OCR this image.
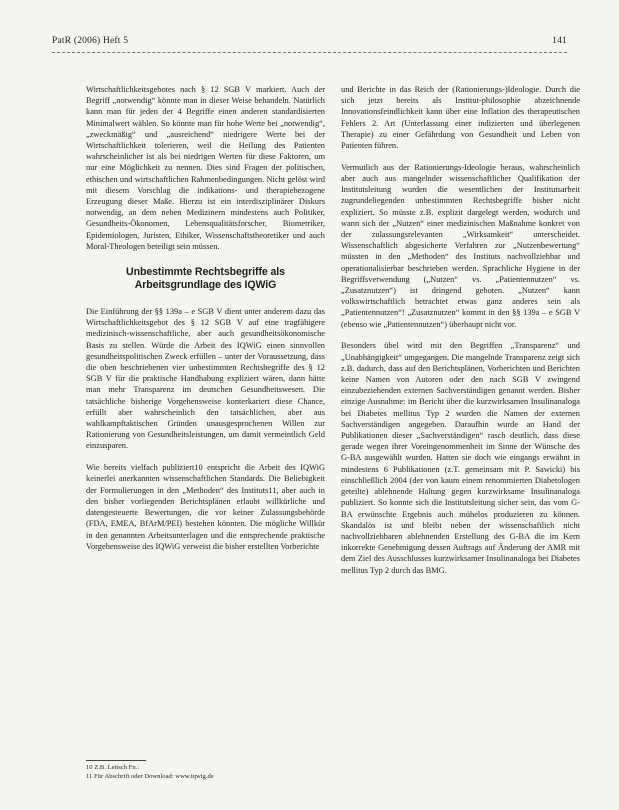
PatR (2006) Heft 5	141

Wirtschaftlichkeitsgebotes nach § 12 SGB V markiert. Auch der Begriff „notwendig“ könnte man in dieser Weise behandeln. Natürlich kann man für jeden der 4 Begriffe einen anderen standardisierten Minimalwert wählen. So könnte man für hohe Werte bei „notwendig“, „zweckmäßig“ und „ausreichend“ niedrigere Werte bei der Wirtschaftlichkeit tolerieren, weil die Heilung des Patienten wahrscheinlicher ist als bei niedrigen Werten für diese Faktoren, um nur eine Möglichkeit zu nennen. Dies sind Fragen der politischen, ethischen und wirtschaftlichen Rahmenbedingungen. Nicht gelöst wird mit diesem Vorschlag die indikations- und therapiebezogene Erzeugung dieser Maße. Hierzu ist ein interdisziplinärer Diskurs notwendig, an dem neben Medizinern mindestens auch Politiker, Gesundheits-Ökonomen, Lebensqualitätsforscher, Biometriker, Epidemiologen, Juristen, Ethiker, Wissenschaftstheoretiker und auch Moral-Theologen beteiligt sein müssen.

Unbestimmte Rechtsbegriffe als Arbeitsgrundlage des IQWiG

Die Einführung der §§ 139a – e SGB V dient unter anderem dazu das Wirtschaftlichkeitsgebot des § 12 SGB V auf eine tragfähigere medizinisch-wissenschaftliche, aber auch gesundheitsökonomische Basis zu stellen. Würde die Arbeit des IQWiG einen sinnvollen gesundheitspolitischen Zweck erfüllen – unter der Voraussetzung, dass die oben beschriebenen vier unbestimmten Rechtsbegriffe des § 12 SGB V für die praktische Handhabung expliziert wären, dann hätte man mehr Transparenz im deutschen Gesundheitswesen. Die tatsächliche bisherige Vorgehensweise konterkariert diese Chance, erfüllt aber wahrscheinlich den tatsächlichen, aber aus wahlkampftaktischen Gründen unausgesprochenen Willen zur Rationierung von Gesundheitsleistungen, um damit vermeintlich Geld einzusparen.

Wie bereits vielfach publiziert10 entspricht die Arbeit des IQWiG keinerlei anerkannten wissenschaftlichen Standards. Die Beliebigkeit der Formulierungen in den „Methoden“ des Instituts11, aber auch in den bisher vorliegenden Berichtsplänen erlaubt willkürliche und datengesteuerte Bewertungen, die vor keiner Zulassungsbehörde (FDA, EMEA, BfArM/PEI) bestehen könnten. Die mögliche Willkür in den genannten Arbeitsunterlagen und die entsprechende praktische Vorgehensweise des IQWiG verweist die bisher erstellten Vorberichte

und Berichte in das Reich der (Rationierungs-)Ideologie. Durch die sich jetzt bereits als Institut-philosophie abzeichnende Innovationsfeindlichkeit kann über eine Inflation des therapeutischen Fehlers 2. Art (Unterlassung einer indizierten und überlegenen Therapie) zu einer Gefährdung von Gesundheit und Leben von Patienten führen.

Vermutlich aus der Rationierungs-Ideologie heraus, wahrscheinlich aber auch aus mangelnder wissenschaftlicher Qualifikation der Institutsleitung wurden die wesentlichen der Institutsarbeit zugrundeliegenden unbestimmten Rechtsbegriffe bisher nicht expliziert. So müsste z.B. explizit dargelegt werden, wodurch und wann sich der „Nutzen“ einer medizinischen Maßnahme konkret von der zulassungsrelevanten „Wirksamkeit“ unterscheidet. Wissenschaftlich abgesicherte Verfahren zur „Nutzenbewertung“ müssten in den „Methoden“ des Instituts nachvollziehbar und operationalisierbar beschrieben werden. Sprachliche Hygiene in der Begriffsverwendung („Nutzen“ vs. „Patientennutzen“ vs. „Zusatznutzen“) ist dringend geboten. „Nutzen“ kann volkswirtschaftlich betrachtet etwas ganz anderes sein als „Patientennutzen“! „Zusatznutzen“ kommt in den §§ 139a – e SGB V (ebenso wie „Patientennutzen“) überhaupt nicht vor.

Besonders übel wird mit den Begriffen „Transparenz“ und „Unabhängigkeit“ umgegangen. Die mangelnde Transparenz zeigt sich z.B. dadurch, dass auf den Berichtsplänen, Vorberichten und Berichten keine Namen von Autoren oder den nach SGB V zwingend einzubeziehenden externen Sachverständigen genannt werden. Bisher einzige Ausnahme: im Bericht über die kurzwirksamen Insulinanaloga bei Diabetes mellitus Typ 2 wurden die Namen der externen Sachverständigen angegeben. Daraufhin wurde an Hand der Publikationen dieser „Sachverständigen“ rasch deutlich, dass diese gerade wegen ihrer Voreingenommenheit im Sinne der Wünsche des G-BA ausgewählt wurden. Hatten sie doch wie eingangs erwähnt in mindestens 6 Publikationen (z.T. gemeinsam mit P. Sawicki) bis einschließlich 2004 (der von kaum einem renommierten Diabetologen geteilte) ablehnende Haltung gegen kurzwirksame Insulinanaloga publiziert. So konnte sich die Institutsleitung sicher sein, das vom G-BA erwünschte Ergebnis auch mühelos produzieren zu können. Skandalös ist und bleibt neben der wissenschaftlich nicht nachvollziehbaren ablehnenden Erstellung des G-BA die im Kern inkorrekte Genehmigung dessen Auftrags auf Änderung der AMR mit dem Ziel des Ausschlusses kurzwirksamer Insulinanaloga bei Diabetes mellitus Typ 2 durch das BMG.

10 Z.B. Leitsch Fn.:
11 Für Abschrift oder Download: www.iqwig.de
